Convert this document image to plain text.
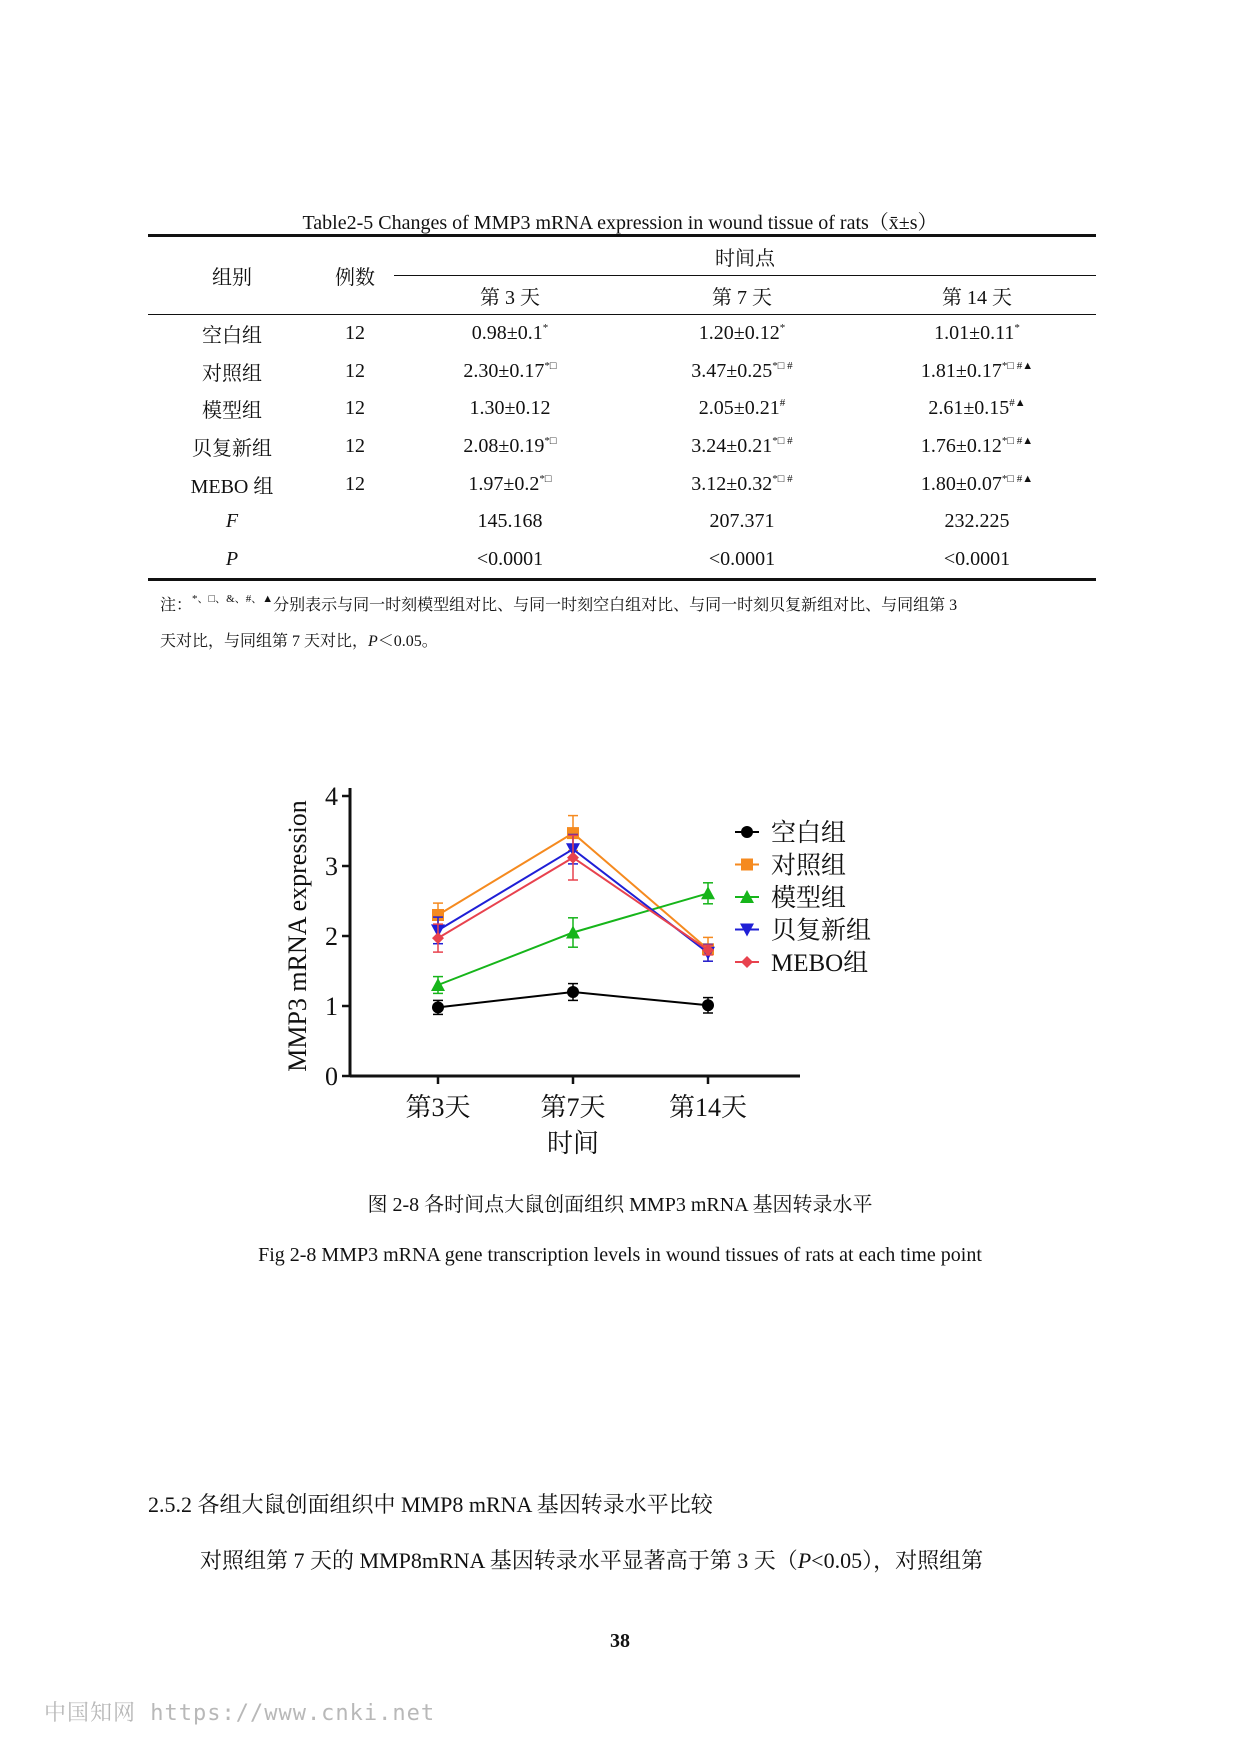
Table2-5 Changes of MMP3 mRNA expression in wound tissue of rats（x̄±s）
组别	例数	时间点		
		第 3 天	第 7 天	第 14 天
空白组	12	0.98±0.1*	1.20±0.12*	1.01±0.11*
对照组	12	2.30±0.17*□	3.47±0.25*□ #	1.81±0.17*□ #▲
模型组	12	1.30±0.12	2.05±0.21#	2.61±0.15#▲
贝复新组	12	2.08±0.19*□	3.24±0.21*□ #	1.76±0.12*□ #▲
MEBO 组	12	1.97±0.2*□	3.12±0.32*□ #	1.80±0.07*□ #▲
F		145.168	207.371	232.225
P		<0.0001	<0.0001	<0.0001
注：*、□、&、#、▲分别表示与同一时刻模型组对比、与同一时刻空白组对比、与同一时刻贝复新组对比、与同组第 3
天对比，与同组第 7 天对比，P＜0.05。
0
1
2
3
4
第3天	第7天 第14天
时间
MMP3 mRNA expression	空白组
对照组
模型组
贝复新组
MEBO组
图 2-8 各时间点大鼠创面组织 MMP3 mRNA 基因转录水平
Fig 2-8 MMP3 mRNA gene transcription levels in wound tissues of rats at each time point
2.5.2 各组大鼠创面组织中 MMP8 mRNA 基因转录水平比较
对照组第 7 天的 MMP8mRNA 基因转录水平显著高于第 3 天（P<0.05），对照组第
38
中国知网 https://www.cnki.net
